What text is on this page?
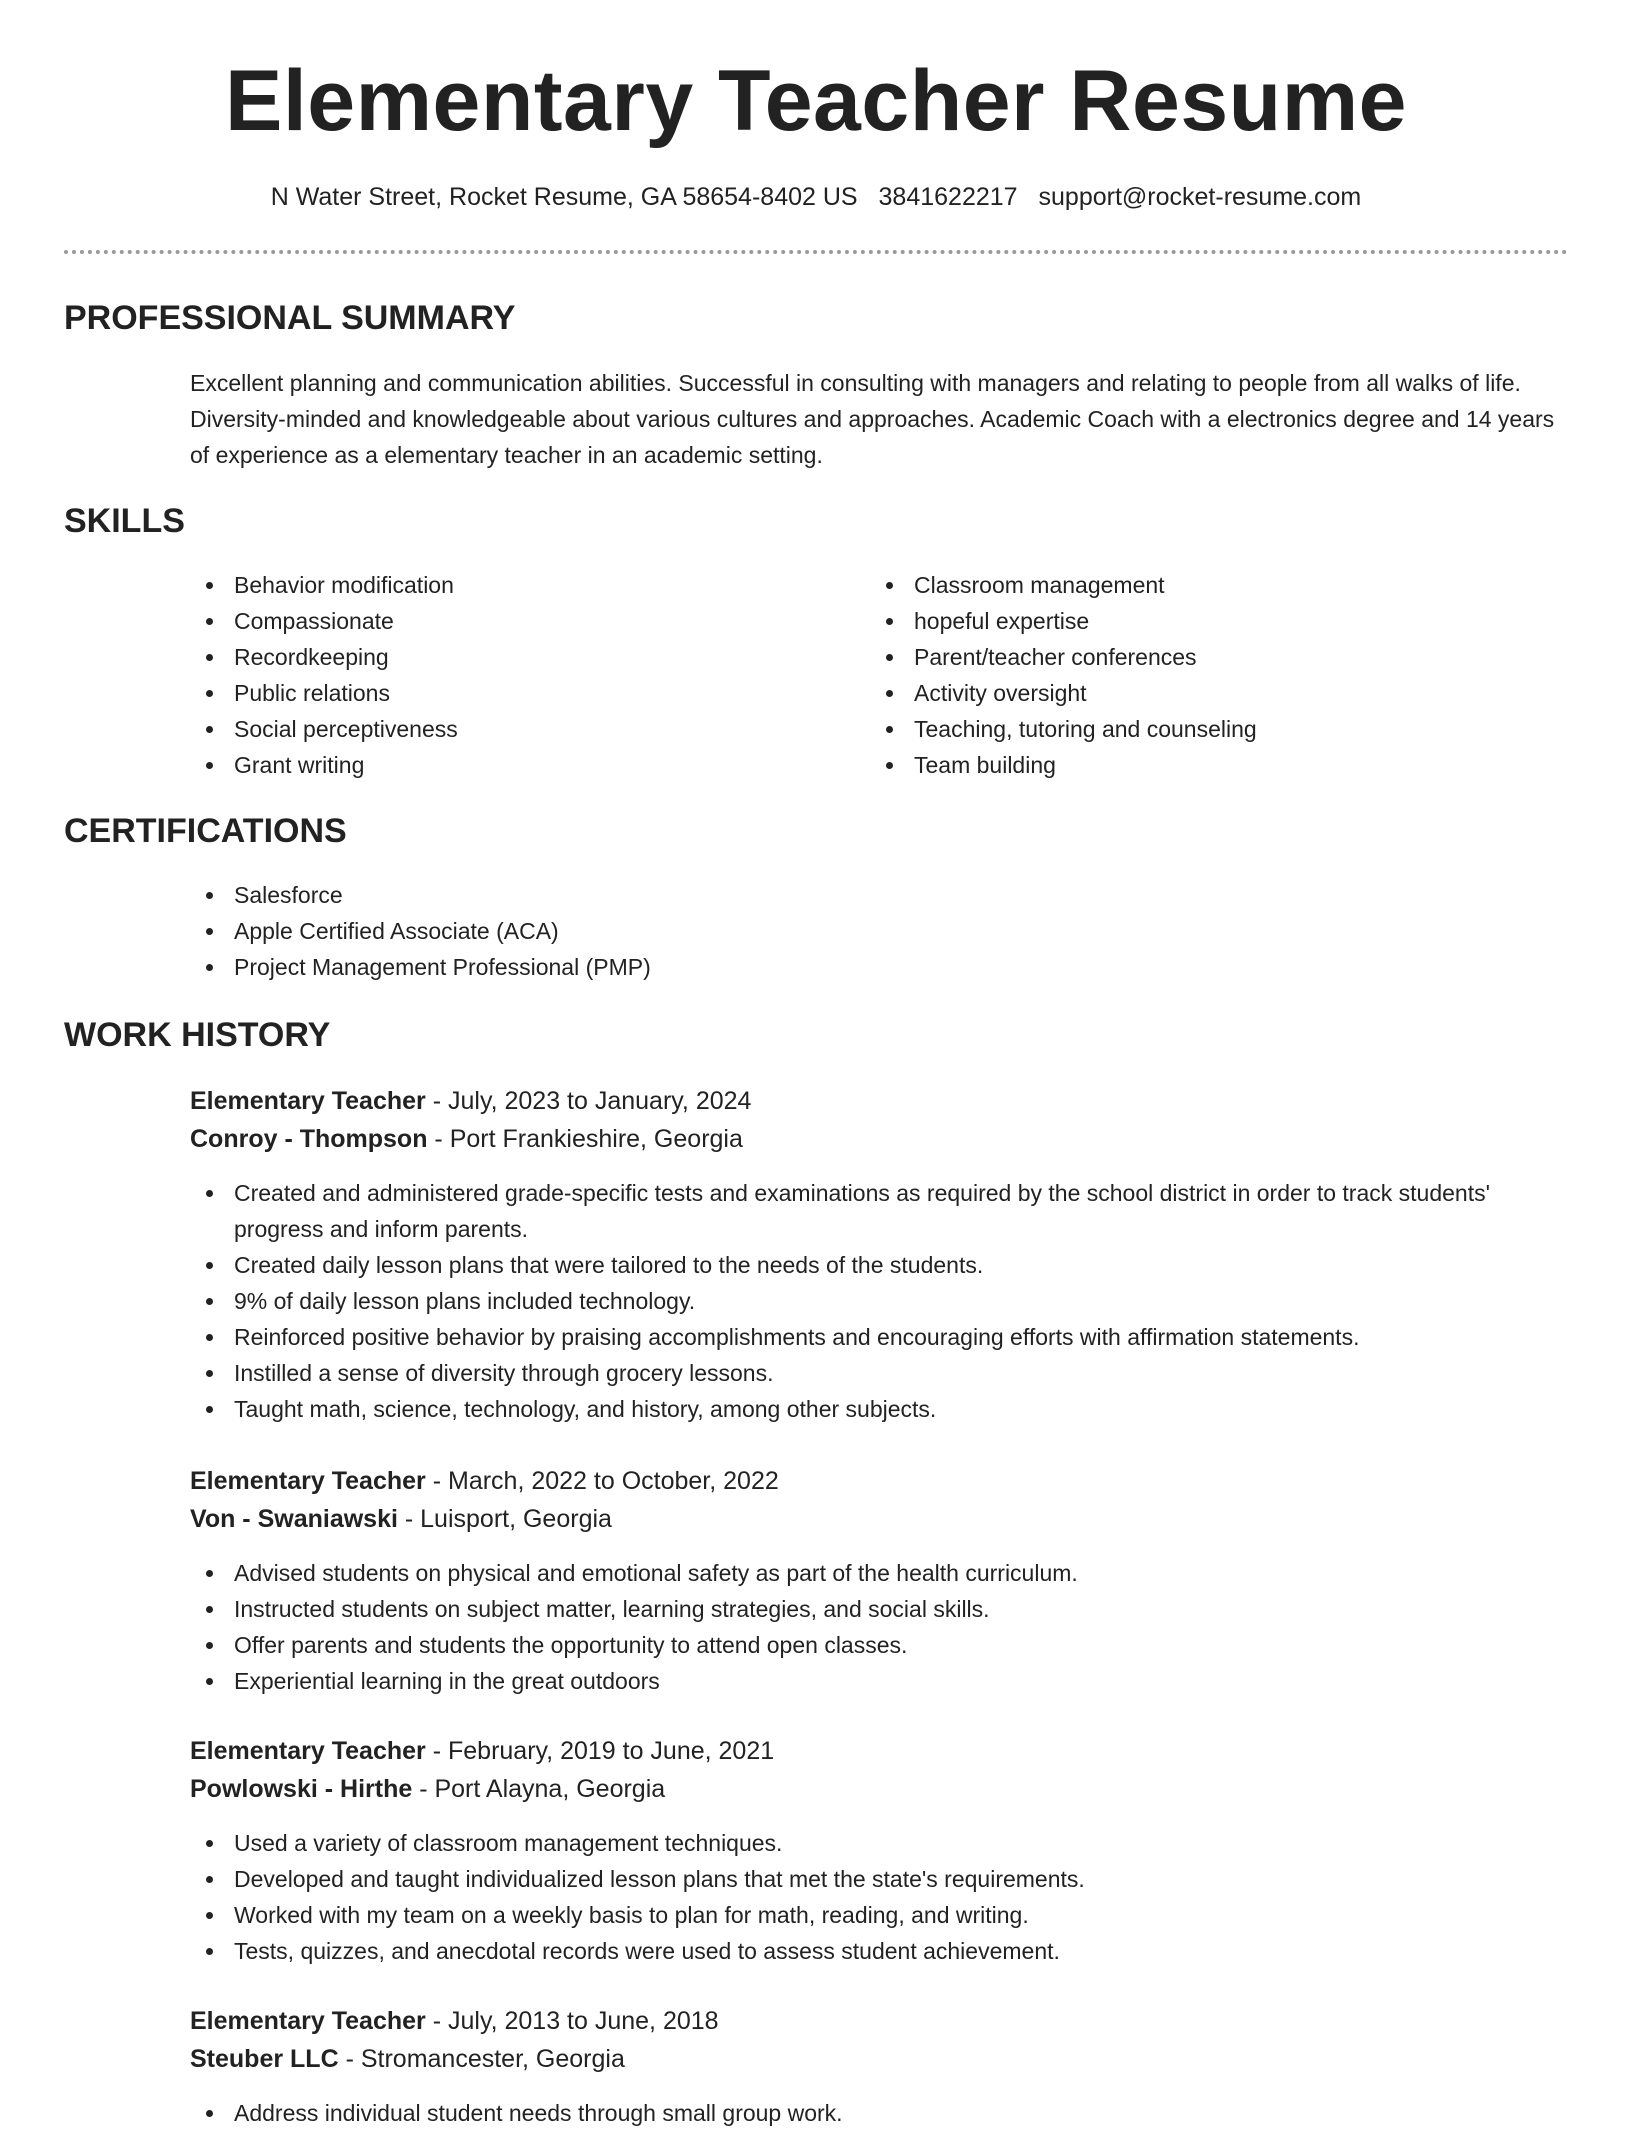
Elementary Teacher Resume
N Water Street, Rocket Resume, GA 58654-8402 US 3841622217 support@rocket-resume.com
PROFESSIONAL SUMMARY

Excellent planning and communication abilities. Successful in consulting with managers and relating to people from all walks of life. Diversity-minded and knowledgeable about various cultures and approaches. Academic Coach with a electronics degree and 14 years of experience as a elementary teacher in an academic setting.

SKILLS
Behavior modification
Compassionate
Recordkeeping
Public relations
Social perceptiveness
Grant writing
Classroom management
hopeful expertise
Parent/teacher conferences
Activity oversight
Teaching, tutoring and counseling
Team building
CERTIFICATIONS
Salesforce
Apple Certified Associate (ACA)
Project Management Professional (PMP)
WORK HISTORY
Elementary Teacher - July, 2023 to January, 2024
Conroy - Thompson - Port Frankieshire, Georgia
Created and administered grade-specific tests and examinations as required by the school district in order to track students' progress and inform parents.
Created daily lesson plans that were tailored to the needs of the students.
9% of daily lesson plans included technology.
Reinforced positive behavior by praising accomplishments and encouraging efforts with affirmation statements.
Instilled a sense of diversity through grocery lessons.
Taught math, science, technology, and history, among other subjects.
Elementary Teacher - March, 2022 to October, 2022
Von - Swaniawski - Luisport, Georgia
Advised students on physical and emotional safety as part of the health curriculum.
Instructed students on subject matter, learning strategies, and social skills.
Offer parents and students the opportunity to attend open classes.
Experiential learning in the great outdoors
Elementary Teacher - February, 2019 to June, 2021
Powlowski - Hirthe - Port Alayna, Georgia
Used a variety of classroom management techniques.
Developed and taught individualized lesson plans that met the state's requirements.
Worked with my team on a weekly basis to plan for math, reading, and writing.
Tests, quizzes, and anecdotal records were used to assess student achievement.
Elementary Teacher - July, 2013 to June, 2018
Steuber LLC - Stromancester, Georgia
Address individual student needs through small group work.
